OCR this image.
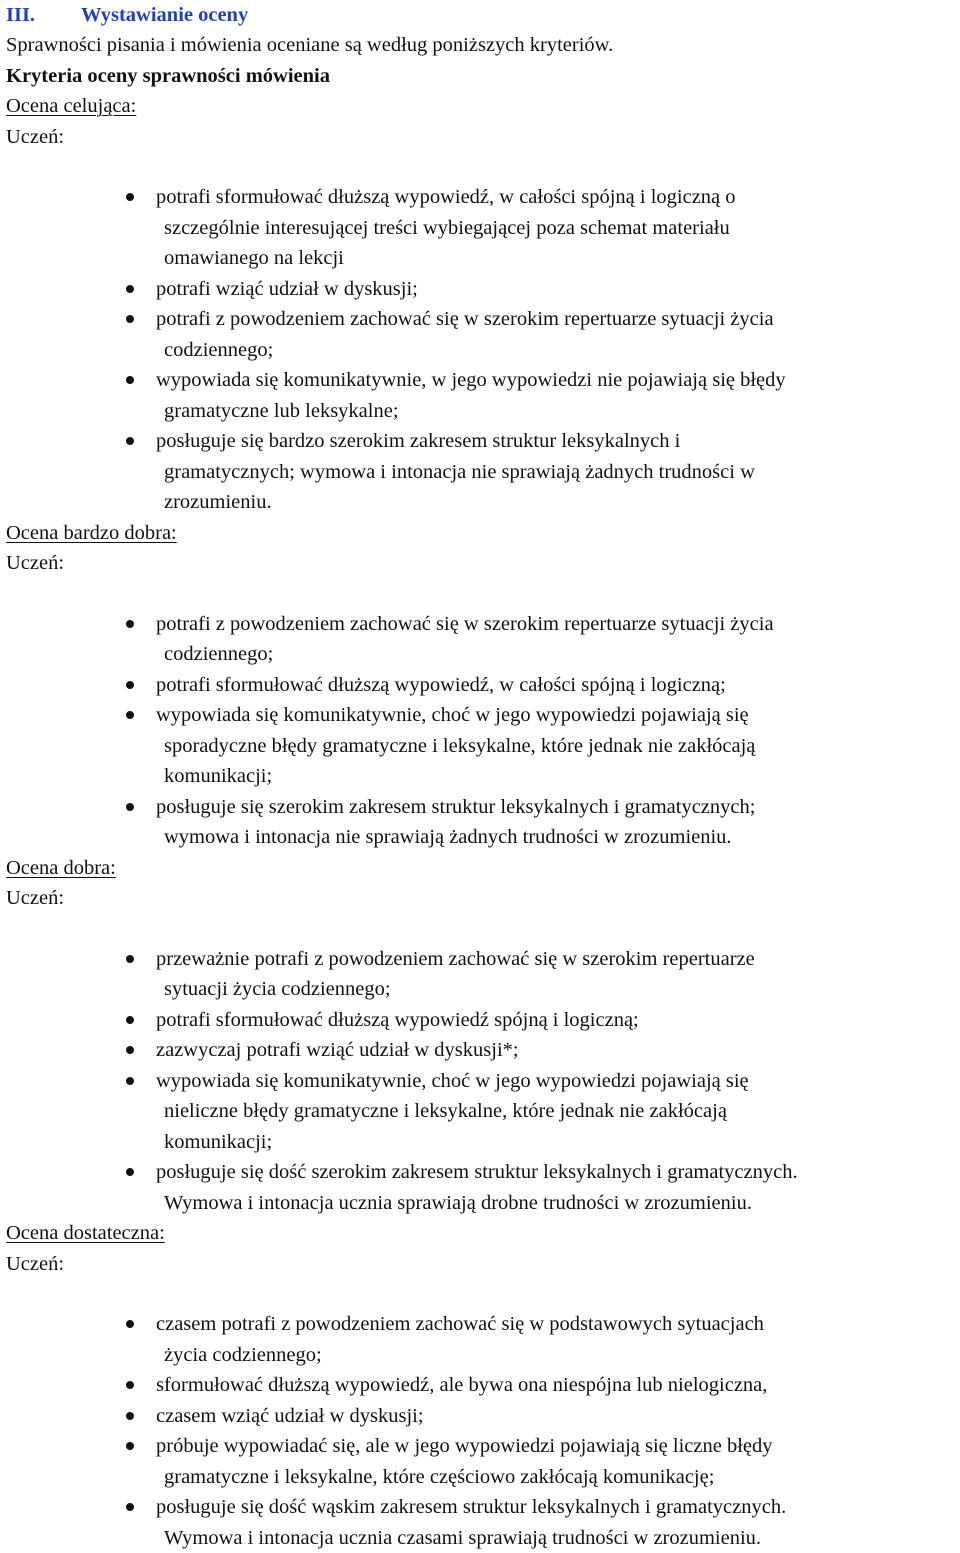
III.	Wystawianie oceny
Sprawności pisania i mówienia oceniane są według poniższych kryteriów.
Kryteria oceny sprawności mówienia
Ocena celująca:
Uczeń:
potrafi sformułować dłuższą wypowiedź, w całości spójną i logiczną o
szczególnie interesującej treści wybiegającej poza schemat materiału
omawianego na lekcji
potrafi wziąć udział w dyskusji;
potrafi z powodzeniem zachować się w szerokim repertuarze sytuacji życia
codziennego;
wypowiada się komunikatywnie, w jego wypowiedzi nie pojawiają się błędy
gramatyczne lub leksykalne;
posługuje się bardzo szerokim zakresem struktur leksykalnych i
gramatycznych; wymowa i intonacja nie sprawiają żadnych trudności w
zrozumieniu.
Ocena bardzo dobra:
Uczeń:
potrafi z powodzeniem zachować się w szerokim repertuarze sytuacji życia
codziennego;
potrafi sformułować dłuższą wypowiedź, w całości spójną i logiczną;
wypowiada się komunikatywnie, choć w jego wypowiedzi pojawiają się
sporadyczne błędy gramatyczne i leksykalne, które jednak nie zakłócają
komunikacji;
posługuje się szerokim zakresem struktur leksykalnych i gramatycznych;
wymowa i intonacja nie sprawiają żadnych trudności w zrozumieniu.
Ocena dobra:
Uczeń:
przeważnie potrafi z powodzeniem zachować się w szerokim repertuarze
sytuacji życia codziennego;
potrafi sformułować dłuższą wypowiedź spójną i logiczną;
zazwyczaj potrafi wziąć udział w dyskusji*;
wypowiada się komunikatywnie, choć w jego wypowiedzi pojawiają się
nieliczne błędy gramatyczne i leksykalne, które jednak nie zakłócają
komunikacji;
posługuje się dość szerokim zakresem struktur leksykalnych i gramatycznych.
Wymowa i intonacja ucznia sprawiają drobne trudności w zrozumieniu.
Ocena dostateczna:
Uczeń:
czasem potrafi z powodzeniem zachować się w podstawowych sytuacjach
życia codziennego;
sformułować dłuższą wypowiedź, ale bywa ona niespójna lub nielogiczna,
czasem wziąć udział w dyskusji;
próbuje wypowiadać się, ale w jego wypowiedzi pojawiają się liczne błędy
gramatyczne i leksykalne, które częściowo zakłócają komunikację;
posługuje się dość wąskim zakresem struktur leksykalnych i gramatycznych.
Wymowa i intonacja ucznia czasami sprawiają trudności w zrozumieniu.
